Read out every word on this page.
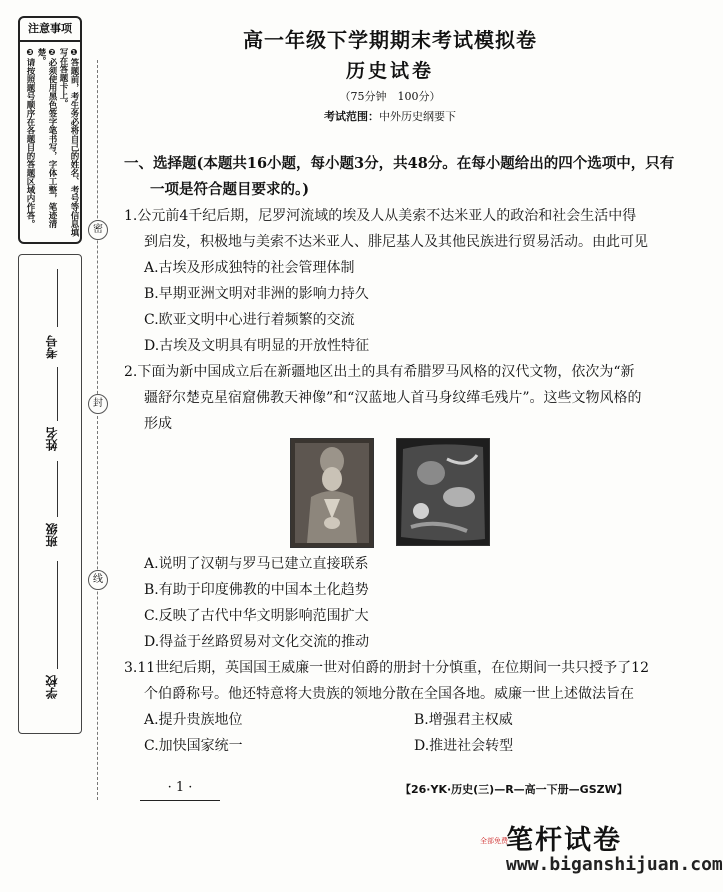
注意事项
❶答题前，考生务必将自己的姓名、考号等信息填写在答题卡上。
❷必须使用黑色签字笔书写，字体工整，笔迹清楚。
❸请按照题号顺序在各题目的答题区域内作答。
考号
姓名
班级
学校
密
封
线
高一年级下学期期末考试模拟卷
历史试卷
（75分钟　100分）
考试范围：中外历史纲要下
一、选择题(本题共16小题，每小题3分，共48分。在每小题给出的四个选项中，只有
一项是符合题目要求的。)
1.公元前4千纪后期，尼罗河流域的埃及人从美索不达米亚人的政治和社会生活中得
到启发，积极地与美索不达米亚人、腓尼基人及其他民族进行贸易活动。由此可见
A.古埃及形成独特的社会管理体制
B.早期亚洲文明对非洲的影响力持久
C.欧亚文明中心进行着频繁的交流
D.古埃及文明具有明显的开放性特征
2.下面为新中国成立后在新疆地区出土的具有希腊罗马风格的汉代文物，依次为“新
疆舒尔楚克星宿窟佛教天神像”和“汉蓝地人首马身纹缂毛残片”。这些文物风格的
形成
A.说明了汉朝与罗马已建立直接联系
B.有助于印度佛教的中国本土化趋势
C.反映了古代中华文明影响范围扩大
D.得益于丝路贸易对文化交流的推动
3.11世纪后期，英国国王威廉一世对伯爵的册封十分慎重，在位期间一共只授予了12
个伯爵称号。他还特意将大贵族的领地分散在全国各地。威廉一世上述做法旨在
A.提升贵族地位	B.增强君主权威
C.加快国家统一	D.推进社会转型
· 1 ·	【26·YK·历史(三)—R—高一下册—GSZW】
全部免费
笔杆试卷
www.biganshijuan.com
